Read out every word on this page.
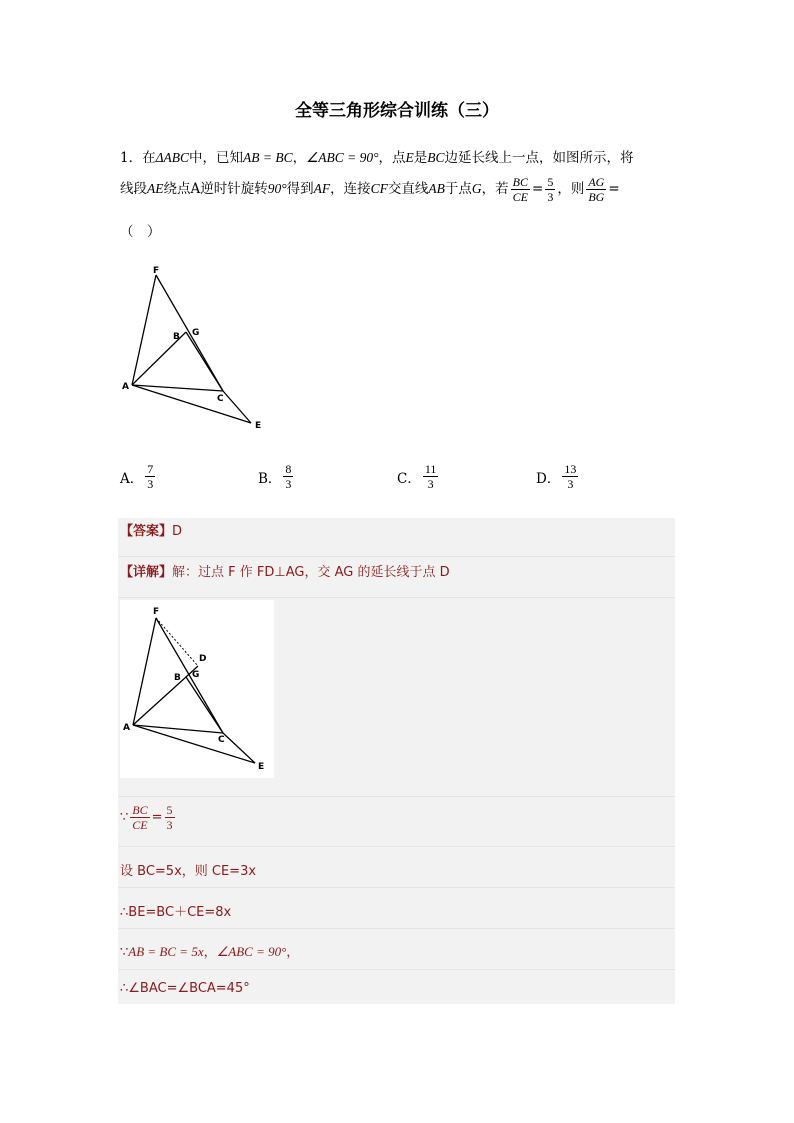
全等三角形综合训练（三）
1．在ΔABC中，已知AB = BC，∠ABC = 90°，点E是BC边延长线上一点，如图所示，将
线段AE绕点A逆时针旋转90°得到AF，连接CF交直线AB于点G，若 $\frac{BC}{CE} = \frac{5}{3}$ ，则 $\frac{AG}{BG}$ =
（　）
F
B G
A
C
E
A． $\frac{7}{3}$	B． $\frac{8}{3}$	C． $\frac{11}{3}$	D． $\frac{13}{3}$
【答案】D
【详解】解：过点 F 作 FD⊥AG，交 AG 的延长线于点 D
F
D
B G
A
C
E
∵ $\frac{BC}{CE} = \frac{5}{3}$
设 BC=5x，则 CE=3x
∴BE=BC＋CE=8x
∵AB = BC = 5x，∠ABC = 90°，
∴∠BAC=∠BCA=45°
